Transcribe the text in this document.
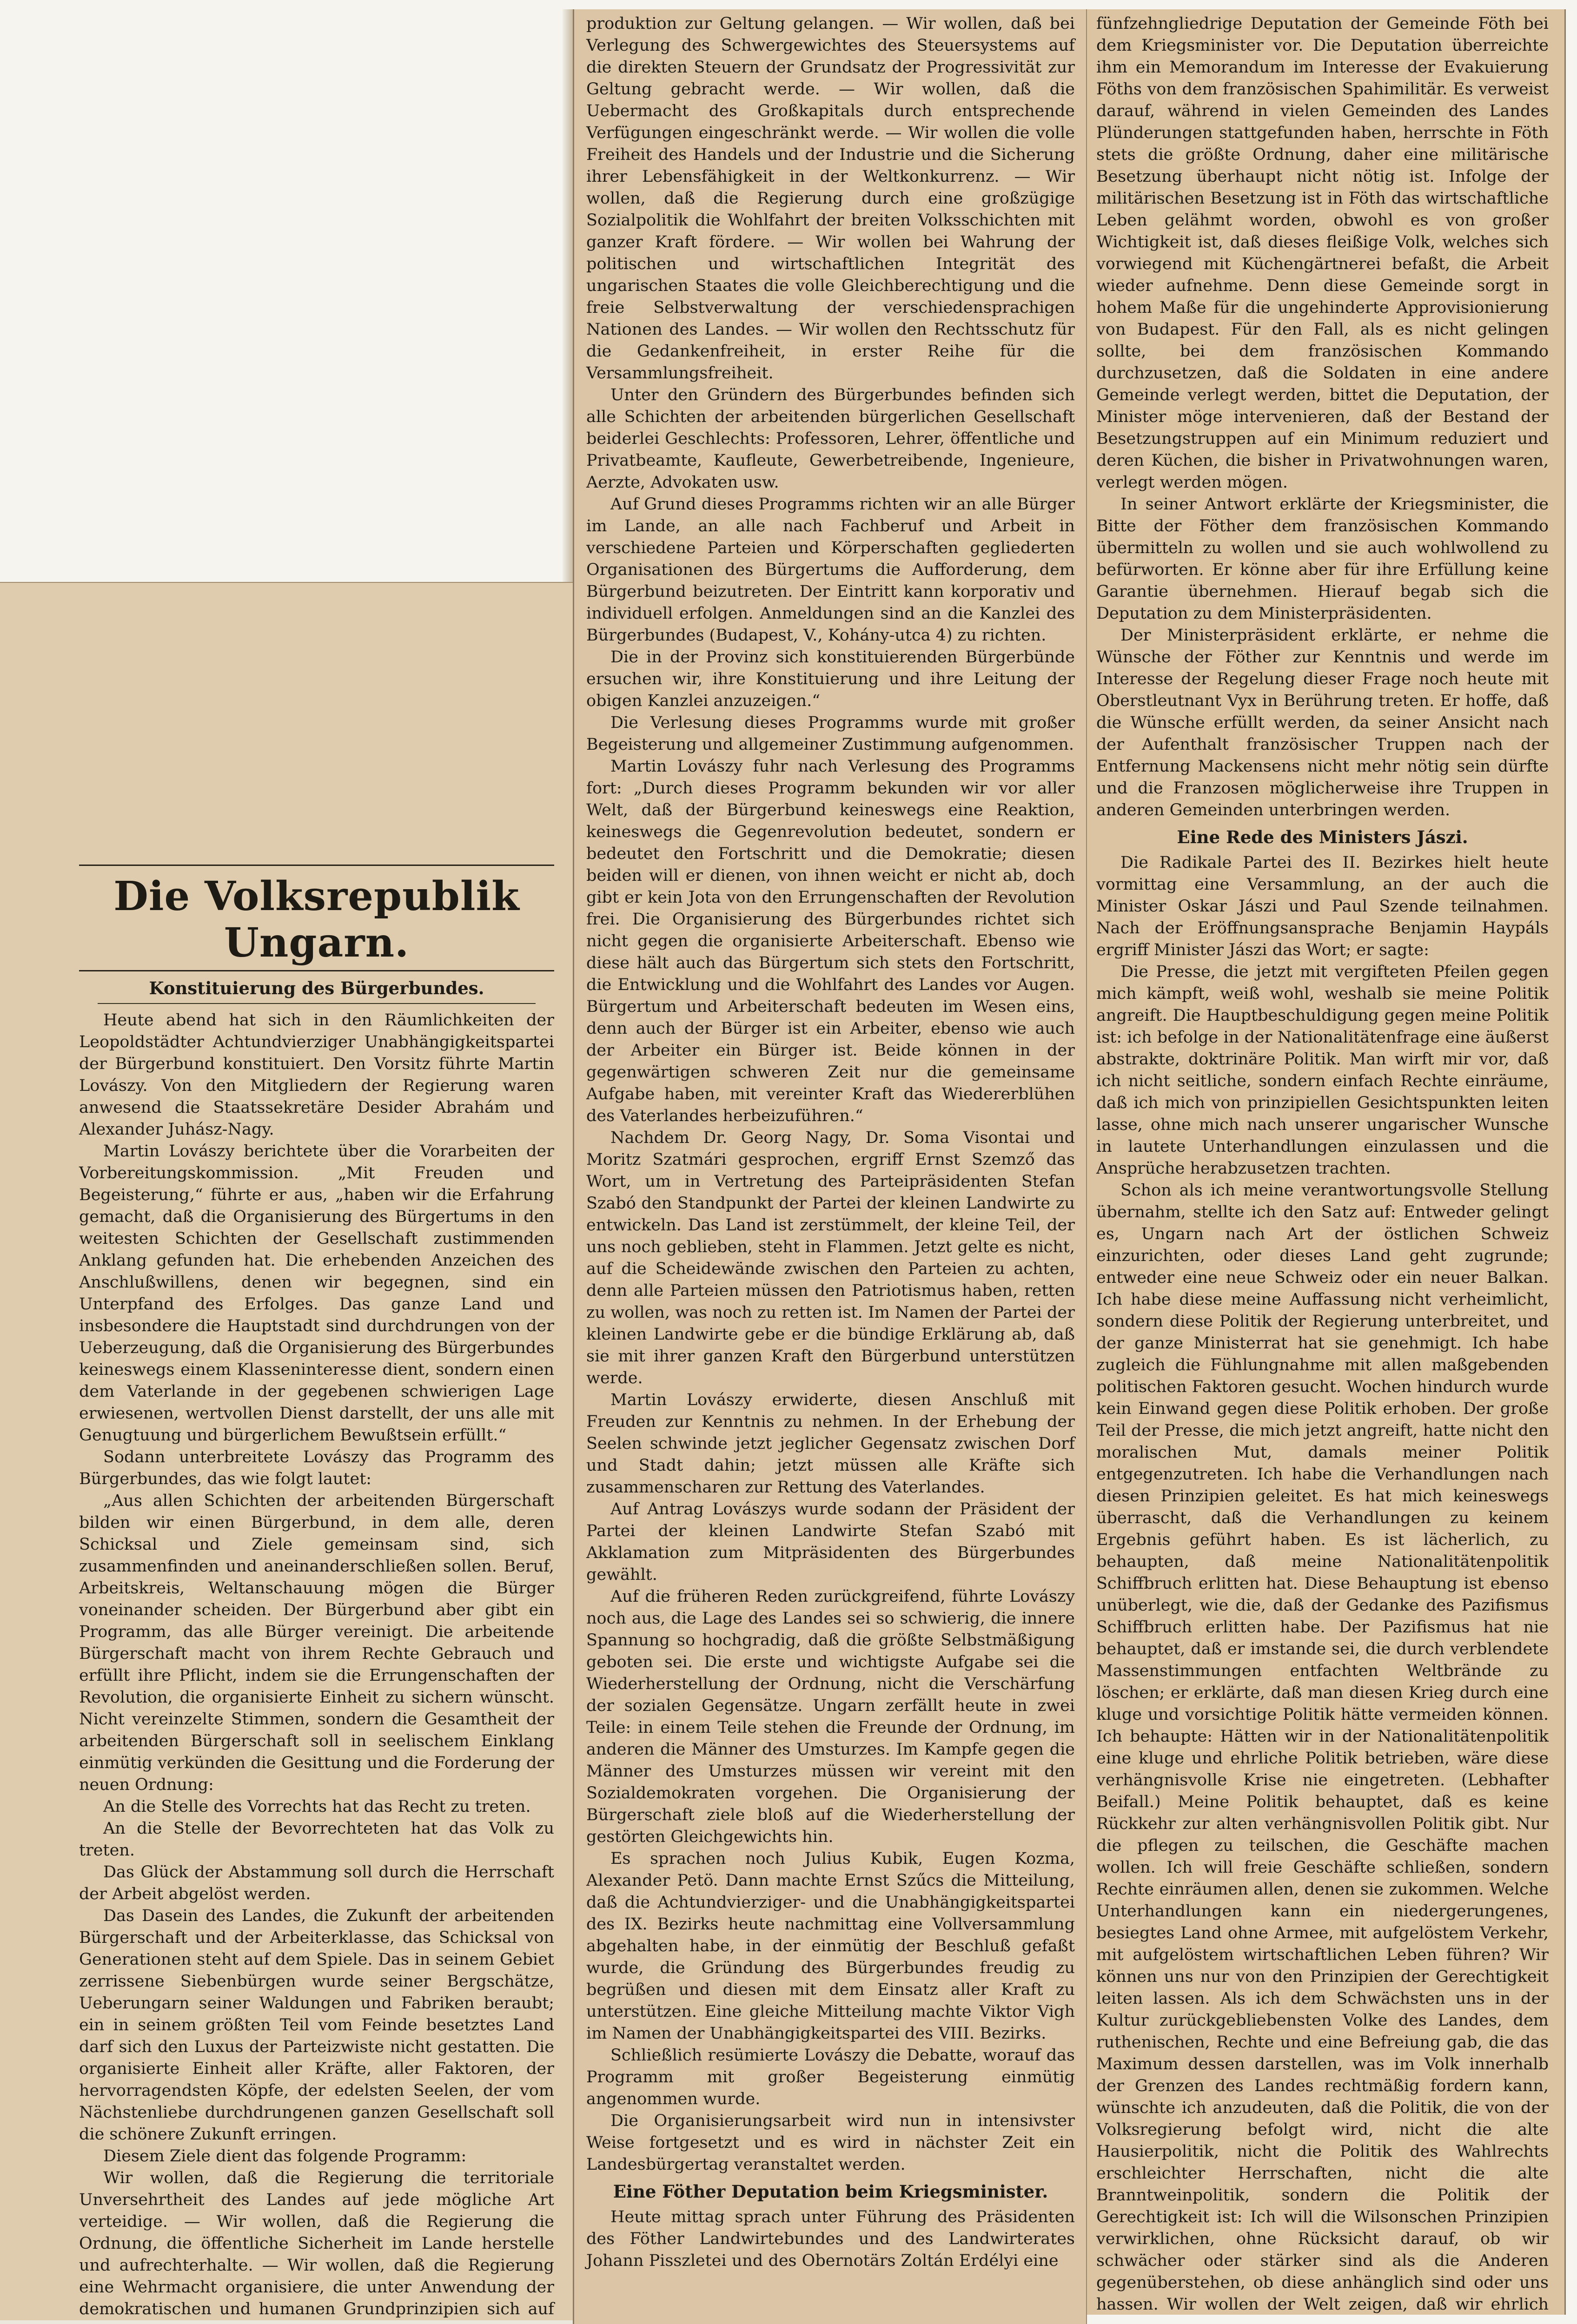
Die Volksrepublik Ungarn.

Konstituierung des Bürgerbundes.

Heute abend hat sich in den Räumlichkeiten der Leopoldstädter Achtundvierziger Unabhängigkeitspartei der Bürgerbund konstituiert. Den Vorsitz führte Martin Lovászy. Von den Mitgliedern der Regierung waren anwesend die Staatssekretäre Desider Abrahám und Alexander Juhász-Nagy.

Martin Lovászy berichtete über die Vorarbeiten der Vorbereitungskommission. „Mit Freuden und Begeisterung,“ führte er aus, „haben wir die Erfahrung gemacht, daß die Organisierung des Bürgertums in den weitesten Schichten der Gesellschaft zustimmenden Anklang gefunden hat. Die erhebenden Anzeichen des Anschlußwillens, denen wir begegnen, sind ein Unterpfand des Erfolges. Das ganze Land und insbesondere die Hauptstadt sind durchdrungen von der Ueberzeugung, daß die Organisierung des Bürgerbundes keineswegs einem Klasseninteresse dient, sondern einen dem Vaterlande in der gegebenen schwierigen Lage erwiesenen, wertvollen Dienst darstellt, der uns alle mit Genugtuung und bürgerlichem Bewußtsein erfüllt.“

Sodann unterbreitete Lovászy das Programm des Bürgerbundes, das wie folgt lautet:

„Aus allen Schichten der arbeitenden Bürgerschaft bilden wir einen Bürgerbund, in dem alle, deren Schicksal und Ziele gemeinsam sind, sich zusammenfinden und aneinanderschließen sollen. Beruf, Arbeitskreis, Weltanschauung mögen die Bürger voneinander scheiden. Der Bürgerbund aber gibt ein Programm, das alle Bürger vereinigt. Die arbeitende Bürgerschaft macht von ihrem Rechte Gebrauch und erfüllt ihre Pflicht, indem sie die Errungenschaften der Revolution, die organisierte Einheit zu sichern wünscht. Nicht vereinzelte Stimmen, sondern die Gesamtheit der arbeitenden Bürgerschaft soll in seelischem Einklang einmütig verkünden die Gesittung und die Forderung der neuen Ordnung:

An die Stelle des Vorrechts hat das Recht zu treten.

An die Stelle der Bevorrechteten hat das Volk zu treten.

Das Glück der Abstammung soll durch die Herrschaft der Arbeit abgelöst werden.

Das Dasein des Landes, die Zukunft der arbeitenden Bürgerschaft und der Arbeiterklasse, das Schicksal von Generationen steht auf dem Spiele. Das in seinem Gebiet zerrissene Siebenbürgen wurde seiner Bergschätze, Ueberungarn seiner Waldungen und Fabriken beraubt; ein in seinem größten Teil vom Feinde besetztes Land darf sich den Luxus der Parteizwiste nicht gestatten. Die organisierte Einheit aller Kräfte, aller Faktoren, der hervorragendsten Köpfe, der edelsten Seelen, der vom Nächstenliebe durchdrungenen ganzen Gesellschaft soll die schönere Zukunft erringen.

Diesem Ziele dient das folgende Programm:

Wir wollen, daß die Regierung die territoriale Unversehrtheit des Landes auf jede mögliche Art verteidige. — Wir wollen, daß die Regierung die Ordnung, die öffentliche Sicherheit im Lande herstelle und aufrechterhalte. — Wir wollen, daß die Regierung eine Wehrmacht organisiere, die unter Anwendung der demokratischen und humanen Grundprinzipien sich auf

produktion zur Geltung gelangen. — Wir wollen, daß bei Verlegung des Schwergewichtes des Steuersystems auf die direkten Steuern der Grundsatz der Progressivität zur Geltung gebracht werde. — Wir wollen, daß die Uebermacht des Großkapitals durch entsprechende Verfügungen eingeschränkt werde. — Wir wollen die volle Freiheit des Handels und der Industrie und die Sicherung ihrer Lebensfähigkeit in der Weltkonkurrenz. — Wir wollen, daß die Regierung durch eine großzügige Sozialpolitik die Wohlfahrt der breiten Volksschichten mit ganzer Kraft fördere. — Wir wollen bei Wahrung der politischen und wirtschaftlichen Integrität des ungarischen Staates die volle Gleichberechtigung und die freie Selbstverwaltung der verschiedensprachigen Nationen des Landes. — Wir wollen den Rechtsschutz für die Gedankenfreiheit, in erster Reihe für die Versammlungsfreiheit.

Unter den Gründern des Bürgerbundes befinden sich alle Schichten der arbeitenden bürgerlichen Gesellschaft beiderlei Geschlechts: Professoren, Lehrer, öffentliche und Privatbeamte, Kaufleute, Gewerbetreibende, Ingenieure, Aerzte, Advokaten usw.

Auf Grund dieses Programms richten wir an alle Bürger im Lande, an alle nach Fachberuf und Arbeit in verschiedene Parteien und Körperschaften gegliederten Organisationen des Bürgertums die Aufforderung, dem Bürgerbund beizutreten. Der Eintritt kann korporativ und individuell erfolgen. Anmeldungen sind an die Kanzlei des Bürgerbundes (Budapest, V., Kohány-utca 4) zu richten.

Die in der Provinz sich konstituierenden Bürgerbünde ersuchen wir, ihre Konstituierung und ihre Leitung der obigen Kanzlei anzuzeigen.“

Die Verlesung dieses Programms wurde mit großer Begeisterung und allgemeiner Zustimmung aufgenommen.

Martin Lovászy fuhr nach Verlesung des Programms fort: „Durch dieses Programm bekunden wir vor aller Welt, daß der Bürgerbund keineswegs eine Reaktion, keineswegs die Gegenrevolution bedeutet, sondern er bedeutet den Fortschritt und die Demokratie; diesen beiden will er dienen, von ihnen weicht er nicht ab, doch gibt er kein Jota von den Errungenschaften der Revolution frei. Die Organisierung des Bürgerbundes richtet sich nicht gegen die organisierte Arbeiterschaft. Ebenso wie diese hält auch das Bürgertum sich stets den Fortschritt, die Entwicklung und die Wohlfahrt des Landes vor Augen. Bürgertum und Arbeiterschaft bedeuten im Wesen eins, denn auch der Bürger ist ein Arbeiter, ebenso wie auch der Arbeiter ein Bürger ist. Beide können in der gegenwärtigen schweren Zeit nur die gemeinsame Aufgabe haben, mit vereinter Kraft das Wiedererblühen des Vaterlandes herbeizuführen.“

Nachdem Dr. Georg Nagy, Dr. Soma Visontai und Moritz Szatmári gesprochen, ergriff Ernst Szemző das Wort, um in Vertretung des Parteipräsidenten Stefan Szabó den Standpunkt der Partei der kleinen Landwirte zu entwickeln. Das Land ist zerstümmelt, der kleine Teil, der uns noch geblieben, steht in Flammen. Jetzt gelte es nicht, auf die Scheidewände zwischen den Parteien zu achten, denn alle Parteien müssen den Patriotismus haben, retten zu wollen, was noch zu retten ist. Im Namen der Partei der kleinen Landwirte gebe er die bündige Erklärung ab, daß sie mit ihrer ganzen Kraft den Bürgerbund unterstützen werde.

Martin Lovászy erwiderte, diesen Anschluß mit Freuden zur Kenntnis zu nehmen. In der Erhebung der Seelen schwinde jetzt jeglicher Gegensatz zwischen Dorf und Stadt dahin; jetzt müssen alle Kräfte sich zusammenscharen zur Rettung des Vaterlandes.

Auf Antrag Lovászys wurde sodann der Präsident der Partei der kleinen Landwirte Stefan Szabó mit Akklamation zum Mitpräsidenten des Bürgerbundes gewählt.

Auf die früheren Reden zurückgreifend, führte Lovászy noch aus, die Lage des Landes sei so schwierig, die innere Spannung so hochgradig, daß die größte Selbstmäßigung geboten sei. Die erste und wichtigste Aufgabe sei die Wiederherstellung der Ordnung, nicht die Verschärfung der sozialen Gegensätze. Ungarn zerfällt heute in zwei Teile: in einem Teile stehen die Freunde der Ordnung, im anderen die Männer des Umsturzes. Im Kampfe gegen die Männer des Umsturzes müssen wir vereint mit den Sozialdemokraten vorgehen. Die Organisierung der Bürgerschaft ziele bloß auf die Wiederherstellung der gestörten Gleichgewichts hin.

Es sprachen noch Julius Kubik, Eugen Kozma, Alexander Petö. Dann machte Ernst Szűcs die Mitteilung, daß die Achtundvierziger- und die Unabhängigkeitspartei des IX. Bezirks heute nachmittag eine Vollversammlung abgehalten habe, in der einmütig der Beschluß gefaßt wurde, die Gründung des Bürgerbundes freudig zu begrüßen und diesen mit dem Einsatz aller Kraft zu unterstützen. Eine gleiche Mitteilung machte Viktor Vigh im Namen der Unabhängigkeitspartei des VIII. Bezirks.

Schließlich resümierte Lovászy die Debatte, worauf das Programm mit großer Begeisterung einmütig angenommen wurde.

Die Organisierungsarbeit wird nun in intensivster Weise fortgesetzt und es wird in nächster Zeit ein Landesbürgertag veranstaltet werden.

Eine Föther Deputation beim Kriegsminister.

Heute mittag sprach unter Führung des Präsidenten des Föther Landwirtebundes und des Landwirterates Johann Pisszletei und des Obernotärs Zoltán Erdélyi eine

fünfzehngliedrige Deputation der Gemeinde Föth bei dem Kriegsminister vor. Die Deputation überreichte ihm ein Memorandum im Interesse der Evakuierung Föths von dem französischen Spahimilitär. Es verweist darauf, während in vielen Gemeinden des Landes Plünderungen stattgefunden haben, herrschte in Föth stets die größte Ordnung, daher eine militärische Besetzung überhaupt nicht nötig ist. Infolge der militärischen Besetzung ist in Föth das wirtschaftliche Leben gelähmt worden, obwohl es von großer Wichtigkeit ist, daß dieses fleißige Volk, welches sich vorwiegend mit Küchengärtnerei befaßt, die Arbeit wieder aufnehme. Denn diese Gemeinde sorgt in hohem Maße für die ungehinderte Approvisionierung von Budapest. Für den Fall, als es nicht gelingen sollte, bei dem französischen Kommando durchzusetzen, daß die Soldaten in eine andere Gemeinde verlegt werden, bittet die Deputation, der Minister möge intervenieren, daß der Bestand der Besetzungstruppen auf ein Minimum reduziert und deren Küchen, die bisher in Privatwohnungen waren, verlegt werden mögen.

In seiner Antwort erklärte der Kriegsminister, die Bitte der Föther dem französischen Kommando übermitteln zu wollen und sie auch wohlwollend zu befürworten. Er könne aber für ihre Erfüllung keine Garantie übernehmen. Hierauf begab sich die Deputation zu dem Ministerpräsidenten.

Der Ministerpräsident erklärte, er nehme die Wünsche der Föther zur Kenntnis und werde im Interesse der Regelung dieser Frage noch heute mit Oberstleutnant Vyx in Berührung treten. Er hoffe, daß die Wünsche erfüllt werden, da seiner Ansicht nach der Aufenthalt französischer Truppen nach der Entfernung Mackensens nicht mehr nötig sein dürfte und die Franzosen möglicherweise ihre Truppen in anderen Gemeinden unterbringen werden.

Eine Rede des Ministers Jászi.

Die Radikale Partei des II. Bezirkes hielt heute vormittag eine Versammlung, an der auch die Minister Oskar Jászi und Paul Szende teilnahmen. Nach der Eröffnungsansprache Benjamin Haypáls ergriff Minister Jászi das Wort; er sagte:

Die Presse, die jetzt mit vergifteten Pfeilen gegen mich kämpft, weiß wohl, weshalb sie meine Politik angreift. Die Hauptbeschuldigung gegen meine Politik ist: ich befolge in der Nationalitätenfrage eine äußerst abstrakte, doktrinäre Politik. Man wirft mir vor, daß ich nicht seitliche, sondern einfach Rechte einräume, daß ich mich von prinzipiellen Gesichtspunkten leiten lasse, ohne mich nach unserer ungarischer Wunsche in lautete Unterhandlungen einzulassen und die Ansprüche herabzusetzen trachten.

Schon als ich meine verantwortungsvolle Stellung übernahm, stellte ich den Satz auf: Entweder gelingt es, Ungarn nach Art der östlichen Schweiz einzurichten, oder dieses Land geht zugrunde; entweder eine neue Schweiz oder ein neuer Balkan. Ich habe diese meine Auffassung nicht verheimlicht, sondern diese Politik der Regierung unterbreitet, und der ganze Ministerrat hat sie genehmigt. Ich habe zugleich die Fühlungnahme mit allen maßgebenden politischen Faktoren gesucht. Wochen hindurch wurde kein Einwand gegen diese Politik erhoben. Der große Teil der Presse, die mich jetzt angreift, hatte nicht den moralischen Mut, damals meiner Politik entgegenzutreten. Ich habe die Verhandlungen nach diesen Prinzipien geleitet. Es hat mich keineswegs überrascht, daß die Verhandlungen zu keinem Ergebnis geführt haben. Es ist lächerlich, zu behaupten, daß meine Nationalitätenpolitik Schiffbruch erlitten hat. Diese Behauptung ist ebenso unüberlegt, wie die, daß der Gedanke des Pazifismus Schiffbruch erlitten habe. Der Pazifismus hat nie behauptet, daß er imstande sei, die durch verblendete Massenstimmungen entfachten Weltbrände zu löschen; er erklärte, daß man diesen Krieg durch eine kluge und vorsichtige Politik hätte vermeiden können. Ich behaupte: Hätten wir in der Nationalitätenpolitik eine kluge und ehrliche Politik betrieben, wäre diese verhängnisvolle Krise nie eingetreten. (Lebhafter Beifall.) Meine Politik behauptet, daß es keine Rückkehr zur alten verhängnisvollen Politik gibt. Nur die pflegen zu teilschen, die Geschäfte machen wollen. Ich will freie Geschäfte schließen, sondern Rechte einräumen allen, denen sie zukommen. Welche Unterhandlungen kann ein niedergerungenes, besiegtes Land ohne Armee, mit aufgelöstem Verkehr, mit aufgelöstem wirtschaftlichen Leben führen? Wir können uns nur von den Prinzipien der Gerechtigkeit leiten lassen. Als ich dem Schwächsten uns in der Kultur zurückgebliebensten Volke des Landes, dem ruthenischen, Rechte und eine Befreiung gab, die das Maximum dessen darstellen, was im Volk innerhalb der Grenzen des Landes rechtmäßig fordern kann, wünschte ich anzudeuten, daß die Politik, die von der Volksregierung befolgt wird, nicht die alte Hausierpolitik, nicht die Politik des Wahlrechts erschleichter Herrschaften, nicht die alte Branntweinpolitik, sondern die Politik der Gerechtigkeit ist: Ich will die Wilsonschen Prinzipien verwirklichen, ohne Rücksicht darauf, ob wir schwächer oder stärker sind als die Anderen gegenüberstehen, ob diese anhänglich sind oder uns hassen. Wir wollen der Welt zeigen, daß wir ehrlich
